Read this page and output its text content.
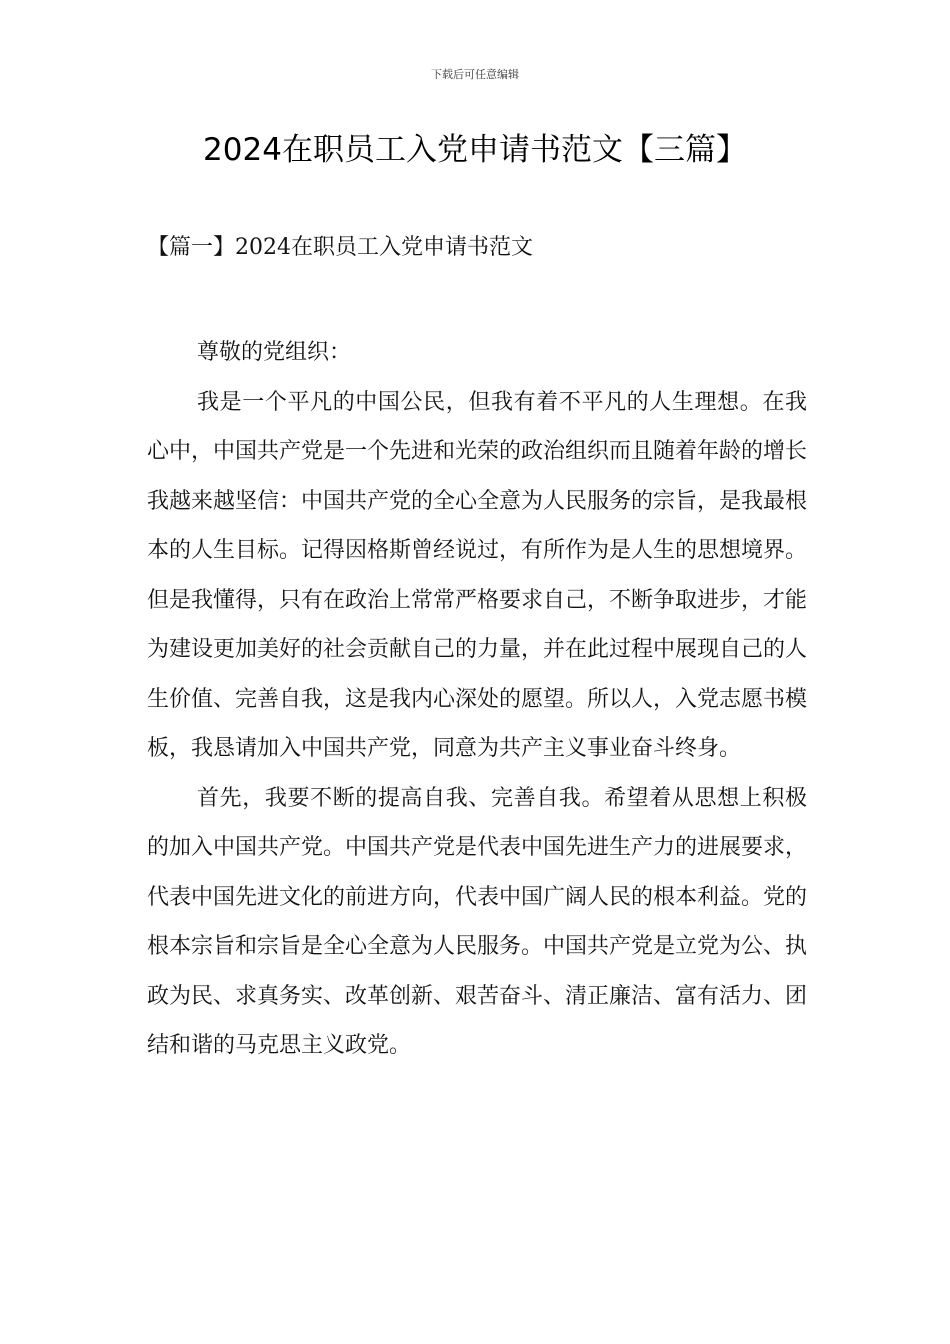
下载后可任意编辑
2024在职员工入党申请书范文【三篇】
【篇一】2024在职员工入党申请书范文

尊敬的党组织：

我是一个平凡的中国公民，但我有着不平凡的人生理想。在我心中，中国共产党是一个先进和光荣的政治组织而且随着年龄的增长我越来越坚信：中国共产党的全心全意为人民服务的宗旨，是我最根本的人生目标。记得因格斯曾经说过，有所作为是人生的思想境界。但是我懂得，只有在政治上常常严格要求自己，不断争取进步，才能为建设更加美好的社会贡献自己的力量，并在此过程中展现自己的人生价值、完善自我，这是我内心深处的愿望。所以人，入党志愿书模板，我恳请加入中国共产党，同意为共产主义事业奋斗终身。

首先，我要不断的提高自我、完善自我。希望着从思想上积极的加入中国共产党。中国共产党是代表中国先进生产力的进展要求，代表中国先进文化的前进方向，代表中国广阔人民的根本利益。党的根本宗旨和宗旨是全心全意为人民服务。中国共产党是立党为公、执政为民、求真务实、改革创新、艰苦奋斗、清正廉洁、富有活力、团结和谐的马克思主义政党。
